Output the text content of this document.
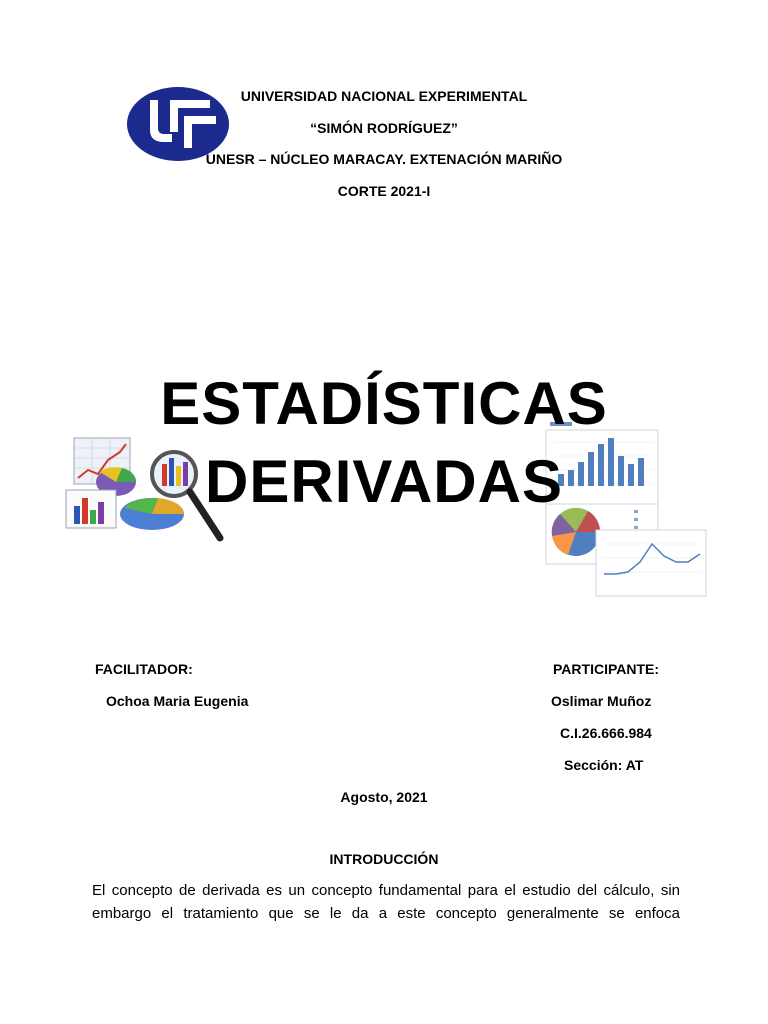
UNIVERSIDAD NACIONAL EXPERIMENTAL
“SIMÓN RODRÍGUEZ”
UNESR – NÚCLEO MARACAY. EXTENACIÓN MARIÑO
CORTE 2021-I
ESTADÍSTICAS
DERIVADAS
FACILITADOR:
Ochoa Maria Eugenia
PARTICIPANTE:
Oslimar Muñoz
C.I.26.666.984
Sección: AT
Agosto, 2021
INTRODUCCIÓN
El concepto de derivada es un concepto fundamental para el estudio del cálculo, sin
embargo el tratamiento que se le da a este concepto generalmente se enfoca
